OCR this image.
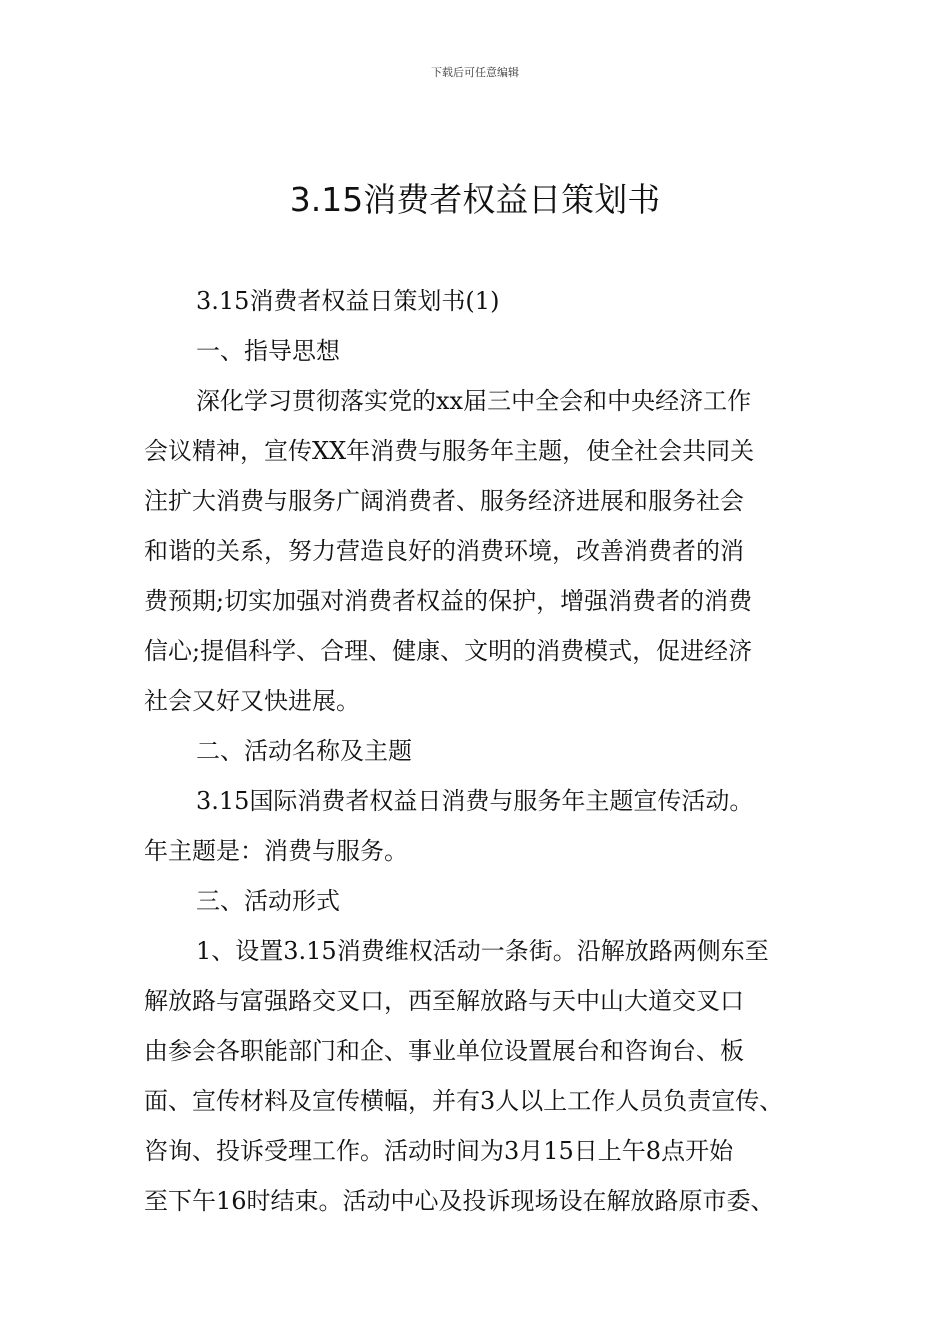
下载后可任意编辑
3.15消费者权益日策划书

3.15消费者权益日策划书(1)

一、指导思想

深化学习贯彻落实党的xx届三中全会和中央经济工作

会议精神，宣传XX年消费与服务年主题，使全社会共同关

注扩大消费与服务广阔消费者、服务经济进展和服务社会

和谐的关系，努力营造良好的消费环境，改善消费者的消

费预期;切实加强对消费者权益的保护，增强消费者的消费

信心;提倡科学、合理、健康、文明的消费模式，促进经济

社会又好又快进展。

二、活动名称及主题

3.15国际消费者权益日消费与服务年主题宣传活动。

年主题是：消费与服务。

三、活动形式

1、设置3.15消费维权活动一条街。沿解放路两侧东至

解放路与富强路交叉口，西至解放路与天中山大道交叉口

由参会各职能部门和企、事业单位设置展台和咨询台、板

面、宣传材料及宣传横幅，并有3人以上工作人员负责宣传、

咨询、投诉受理工作。活动时间为3月15日上午8点开始

至下午16时结束。活动中心及投诉现场设在解放路原市委、
